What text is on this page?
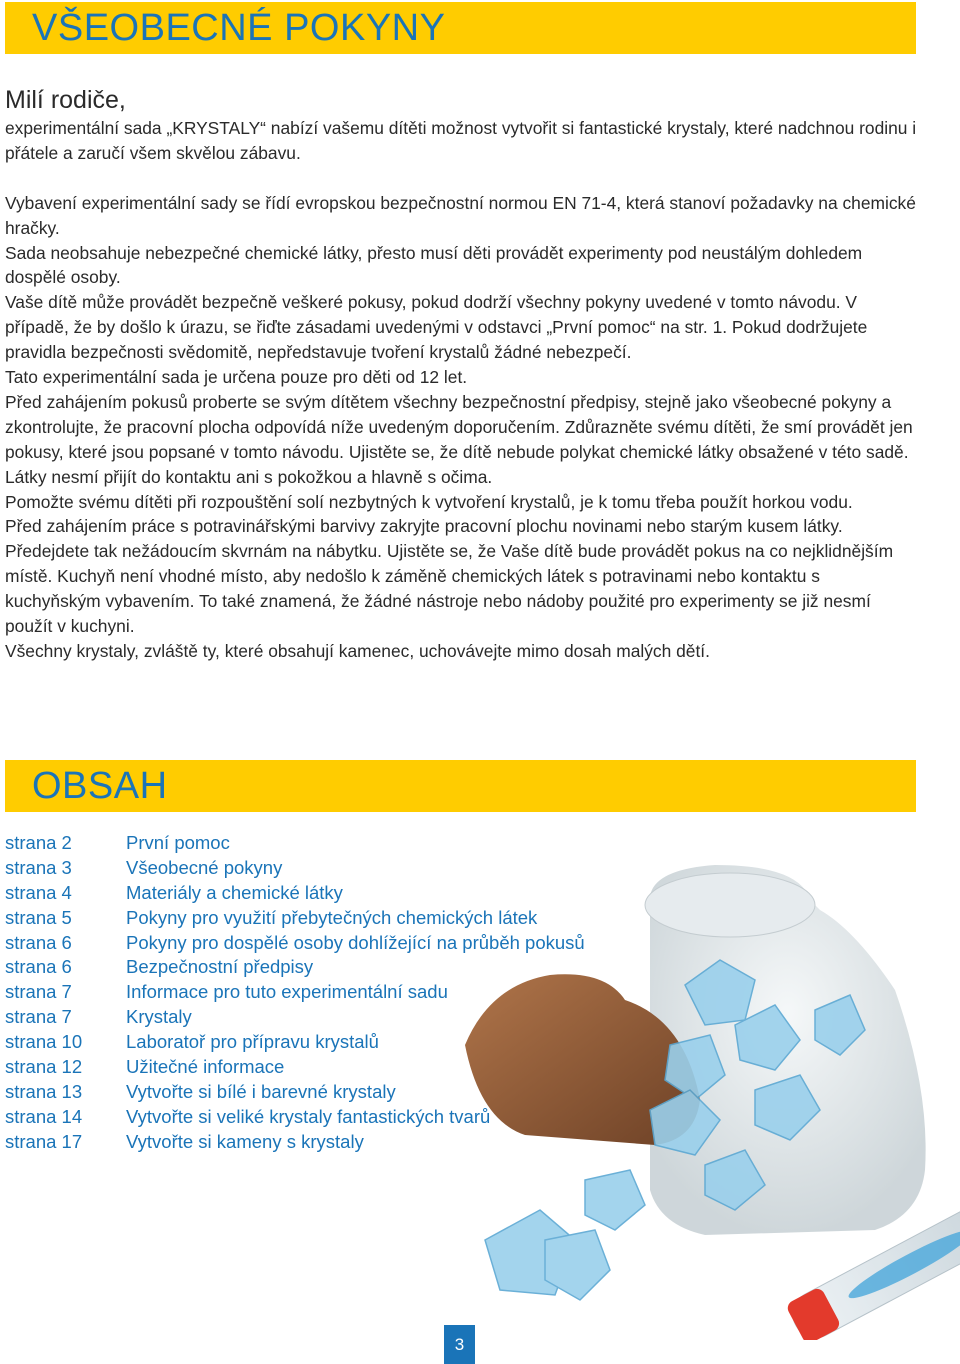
VŠEOBECNÉ POKYNY
Milí rodiče,

experimentální sada „KRYSTALY“ nabízí vašemu dítěti možnost vytvořit si fantastické krystaly, které nadchnou rodinu i přátele a zaručí všem skvělou zábavu.

Vybavení experimentální sady se řídí evropskou bezpečnostní normou EN 71-4, která stanoví požadavky na chemické hračky.

Sada neobsahuje nebezpečné chemické látky, přesto musí děti provádět experimenty pod neustálým dohledem dospělé osoby.

Vaše dítě může provádět bezpečně veškeré pokusy, pokud dodrží všechny pokyny uvedené v tomto návodu. V případě, že by došlo k úrazu, se řiďte zásadami uvedenými v odstavci „První pomoc“ na str. 1. Pokud dodržujete pravidla bezpečnosti svědomitě, nepředstavuje tvoření krystalů žádné nebezpečí.

Tato experimentální sada je určena pouze pro děti od 12 let.

Před zahájením pokusů proberte se svým dítětem všechny bezpečnostní předpisy, stejně jako všeobecné pokyny a zkontrolujte, že pracovní plocha odpovídá níže uvedeným doporučením. Zdůrazněte svému dítěti, že smí provádět jen pokusy, které jsou popsané v tomto návodu. Ujistěte se, že dítě nebude polykat chemické látky obsažené v této sadě. Látky nesmí přijít do kontaktu ani s pokožkou a hlavně s očima.

Pomožte svému dítěti při rozpouštění solí nezbytných k vytvoření krystalů, je k tomu třeba použít horkou vodu.

Před zahájením práce s potravinářskými barvivy zakryjte pracovní plochu novinami nebo starým kusem látky. Předejdete tak nežádoucím skvrnám na nábytku. Ujistěte se, že Vaše dítě bude provádět pokus na co nejklidnějším místě. Kuchyň není vhodné místo, aby nedošlo k záměně chemických látek s potravinami nebo kontaktu s kuchyňským vybavením. To také znamená, že žádné nástroje nebo nádoby použité pro experimenty se již nesmí použít v kuchyni.

Všechny krystaly, zvláště ty, které obsahují kamenec, uchovávejte mimo dosah malých dětí.

OBSAH
strana 2	První pomoc
strana 3	Všeobecné pokyny
strana 4	Materiály a chemické látky
strana 5	Pokyny pro využití přebytečných chemických látek
strana 6	Pokyny pro dospělé osoby dohlížející na průběh pokusů
strana 6	Bezpečnostní předpisy
strana 7	Informace pro tuto experimentální sadu
strana 7	Krystaly
strana 10	Laboratoř pro přípravu krystalů
strana 12	Užitečné informace
strana 13	Vytvořte si bílé i barevné krystaly
strana 14	Vytvořte si veliké krystaly fantastických tvarů
strana 17	Vytvořte si kameny s krystaly
3
